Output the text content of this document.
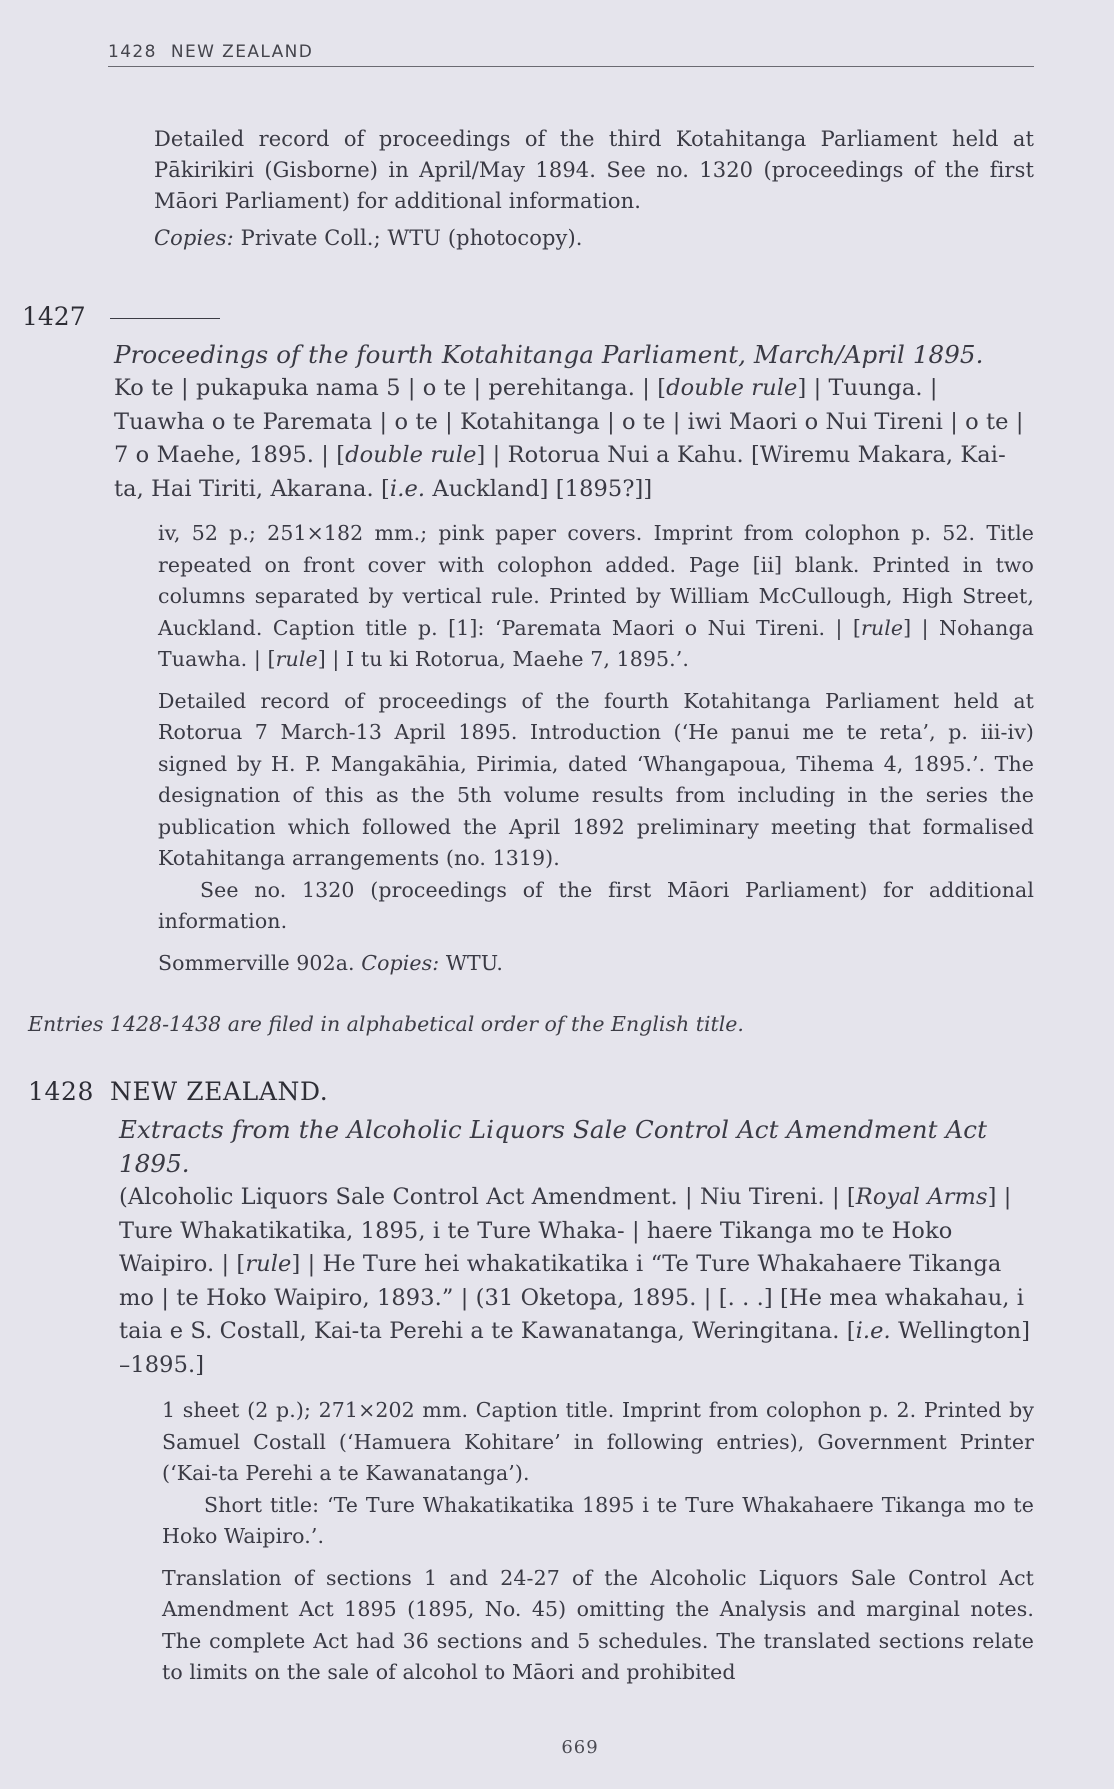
1428 NEW ZEALAND

Detailed record of proceedings of the third Kotahitanga Parliament held at Pākirikiri (Gisborne) in April/May 1894. See no. 1320 (proceedings of the first Māori Parliament) for additional information.

Copies: Private Coll.; WTU (photocopy).

1427

Proceedings of the fourth Kotahitanga Parliament, March/April 1895.

Ko te | pukapuka nama 5 | o te | perehitanga. | [double rule] | Tuunga. | Tuawha o te Paremata | o te | Kotahitanga | o te | iwi Maori o Nui Tireni | o te | 7 o Maehe, 1895. | [double rule] | Rotorua Nui a Kahu. [Wiremu Makara, Kai-ta, Hai Tiriti, Akarana. [i.e. Auckland] [1895?]]

iv, 52 p.; 251×182 mm.; pink paper covers. Imprint from colophon p. 52. Title repeated on front cover with colophon added. Page [ii] blank. Printed in two columns separated by vertical rule. Printed by William McCullough, High Street, Auckland. Caption title p. [1]: ‘Paremata Maori o Nui Tireni. | [rule] | Nohanga Tuawha. | [rule] | I tu ki Rotorua, Maehe 7, 1895.’.

Detailed record of proceedings of the fourth Kotahitanga Parliament held at Rotorua 7 March-13 April 1895. Introduction (‘He panui me te reta’, p. iii-iv) signed by H. P. Mangakāhia, Pirimia, dated ‘Whangapoua, Tihema 4, 1895.’. The designation of this as the 5th volume results from including in the series the publication which followed the April 1892 preliminary meeting that formalised Kotahitanga arrangements (no. 1319).

See no. 1320 (proceedings of the first Māori Parliament) for additional information.

Sommerville 902a. Copies: WTU.

Entries 1428-1438 are filed in alphabetical order of the English title.
1428 NEW ZEALAND.

Extracts from the Alcoholic Liquors Sale Control Act Amendment Act 1895.

(Alcoholic Liquors Sale Control Act Amendment. | Niu Tireni. | [Royal Arms] | Ture Whakatikatika, 1895, i te Ture Whaka- | haere Tikanga mo te Hoko Waipiro. | [rule] | He Ture hei whakatikatika i “Te Ture Whakahaere Tikanga mo | te Hoko Waipiro, 1893.” | (31 Oketopa, 1895. | [. . .] [He mea whakahau, i taia e S. Costall, Kai-ta Perehi a te Kawanatanga, Weringitana. [i.e. Wellington] –1895.]

1 sheet (2 p.); 271×202 mm. Caption title. Imprint from colophon p. 2. Printed by Samuel Costall (‘Hamuera Kohitare’ in following entries), Government Printer (‘Kai-ta Perehi a te Kawanatanga’).

Short title: ‘Te Ture Whakatikatika 1895 i te Ture Whakahaere Tikanga mo te Hoko Waipiro.’.

Translation of sections 1 and 24-27 of the Alcoholic Liquors Sale Control Act Amendment Act 1895 (1895, No. 45) omitting the Analysis and marginal notes. The complete Act had 36 sections and 5 schedules. The translated sections relate to limits on the sale of alcohol to Māori and prohibited

669
